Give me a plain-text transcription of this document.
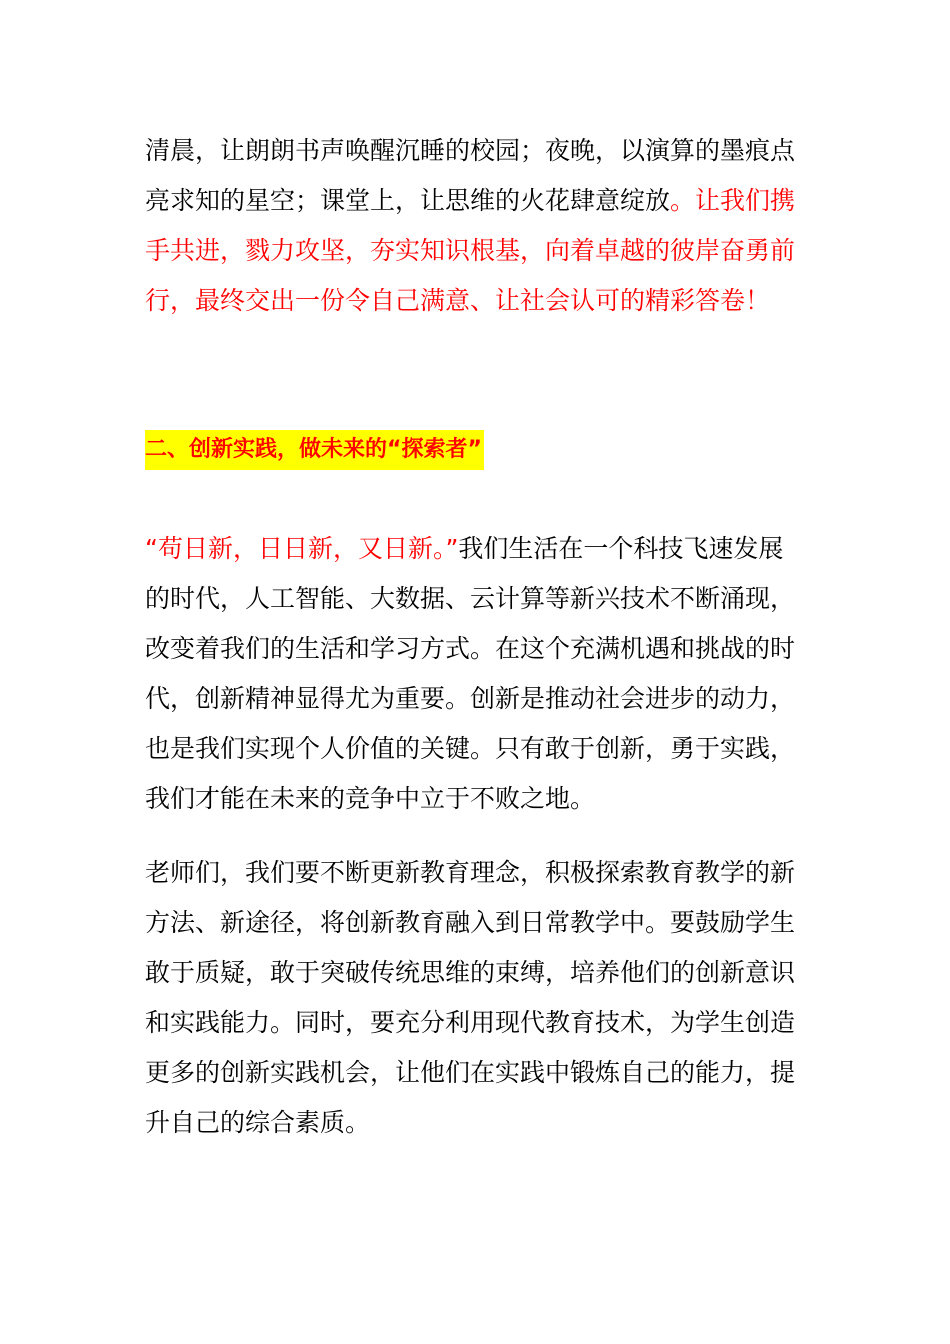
清晨，让朗朗书声唤醒沉睡的校园；夜晚，以演算的墨痕点亮求知的星空；课堂上，让思维的火花肆意绽放。让我们携手共进，戮力攻坚，夯实知识根基，向着卓越的彼岸奋勇前行，最终交出一份令自己满意、让社会认可的精彩答卷！

二、创新实践，做未来的“探索者”

“苟日新，日日新，又日新。”我们生活在一个科技飞速发展的时代，人工智能、大数据、云计算等新兴技术不断涌现，改变着我们的生活和学习方式。在这个充满机遇和挑战的时代，创新精神显得尤为重要。创新是推动社会进步的动力，也是我们实现个人价值的关键。只有敢于创新，勇于实践，我们才能在未来的竞争中立于不败之地。

老师们，我们要不断更新教育理念，积极探索教育教学的新方法、新途径，将创新教育融入到日常教学中。要鼓励学生敢于质疑，敢于突破传统思维的束缚，培养他们的创新意识和实践能力。同时，要充分利用现代教育技术，为学生创造更多的创新实践机会，让他们在实践中锻炼自己的能力，提升自己的综合素质。
